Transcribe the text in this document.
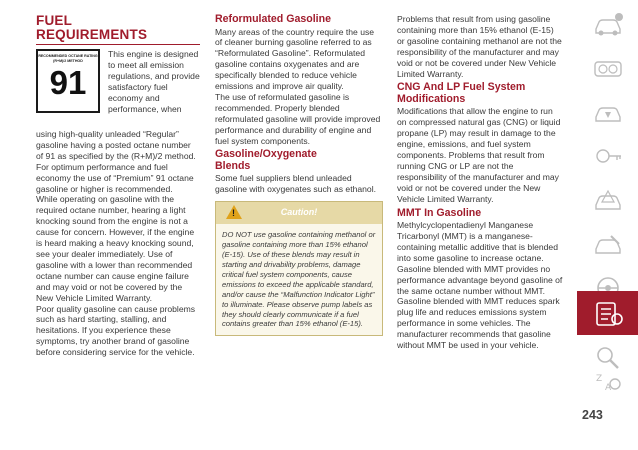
FUEL
REQUIREMENTS
RECOMMENDED OCTANE RATING (R+M)/2 METHOD
91

This engine is designed to meet all emission regulations, and provide satisfactory fuel economy and performance, when

using high-quality unleaded “Regular” gasoline having a posted octane number of 91 as specified by the (R+M)/2 method. For optimum performance and fuel economy the use of “Premium” 91 octane gasoline or higher is recommended.

While operating on gasoline with the required octane number, hearing a light knocking sound from the engine is not a cause for concern. However, if the engine is heard making a heavy knocking sound, see your dealer immediately. Use of gasoline with a lower than recommended octane number can cause engine failure and may void or not be covered by the New Vehicle Limited Warranty.

Poor quality gasoline can cause problems such as hard starting, stalling, and hesitations. If you experience these symptoms, try another brand of gasoline before considering service for the vehicle.

Reformulated Gasoline

Many areas of the country require the use of cleaner burning gasoline referred to as “Reformulated Gasoline”. Reformulated gasoline contains oxygenates and are specifically blended to reduce vehicle emissions and improve air quality.

The use of reformulated gasoline is recommended. Properly blended reformulated gasoline will provide improved performance and durability of engine and fuel system components.

Gasoline/Oxygenate
Blends

Some fuel suppliers blend unleaded gasoline with oxygenates such as ethanol.

!	Caution!

DO NOT use gasoline containing methanol or gasoline containing more than 15% ethanol (E-15). Use of these blends may result in starting and drivability problems, damage critical fuel system components, cause emissions to exceed the applicable standard, and/or cause the “Malfunction Indicator Light” to illuminate. Please observe pump labels as they should clearly communicate if a fuel contains greater than 15% ethanol (E-15).

Problems that result from using gasoline containing more than 15% ethanol (E-15) or gasoline containing methanol are not the responsibility of the manufacturer and may void or not be covered under New Vehicle Limited Warranty.

CNG And LP Fuel System
Modifications

Modifications that allow the engine to run on compressed natural gas (CNG) or liquid propane (LP) may result in damage to the engine, emissions, and fuel system components. Problems that result from running CNG or LP are not the responsibility of the manufacturer and may void or not be covered under the New Vehicle Limited Warranty.

MMT In Gasoline

Methylcyclopentadienyl Manganese Tricarbonyl (MMT) is a manganese-containing metallic additive that is blended into some gasoline to increase octane. Gasoline blended with MMT provides no performance advantage beyond gasoline of the same octane number without MMT. Gasoline blended with MMT reduces spark plug life and reduces emissions system performance in some vehicles. The manufacturer recommends that gasoline without MMT be used in your vehicle.

Z
A
243
